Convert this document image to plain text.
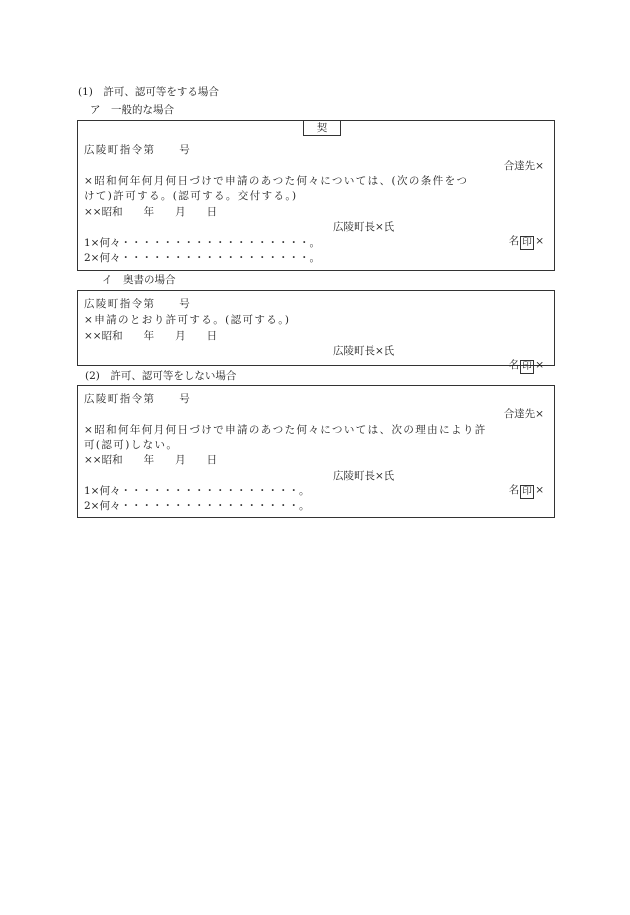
(1)　許可、認可等をする場合
ア　一般的な場合
契
広陵町指令第　　号
合達先×
×昭和何年何月何日づけで申請のあつた何々については、(次の条件をつ
けて)許可する。(認可する。交付する。)
××昭和　　年　　月　　日
広陵町長×氏

名 印 ×

1×何々・・・・・・・・・・・・・・・・・・。
2×何々・・・・・・・・・・・・・・・・・・。
イ　奥書の場合
広陵町指令第　　号
×申請のとおり許可する。(認可する。)
××昭和　　年　　月　　日
広陵町長×氏

名 印 ×

(2)　許可、認可等をしない場合
広陵町指令第　　号
合達先×
×昭和何年何月何日づけで申請のあつた何々については、次の理由により許
可(認可)しない。
××昭和　　年　　月　　日
広陵町長×氏

名 印 ×

1×何々・・・・・・・・・・・・・・・・・。
2×何々・・・・・・・・・・・・・・・・・。
